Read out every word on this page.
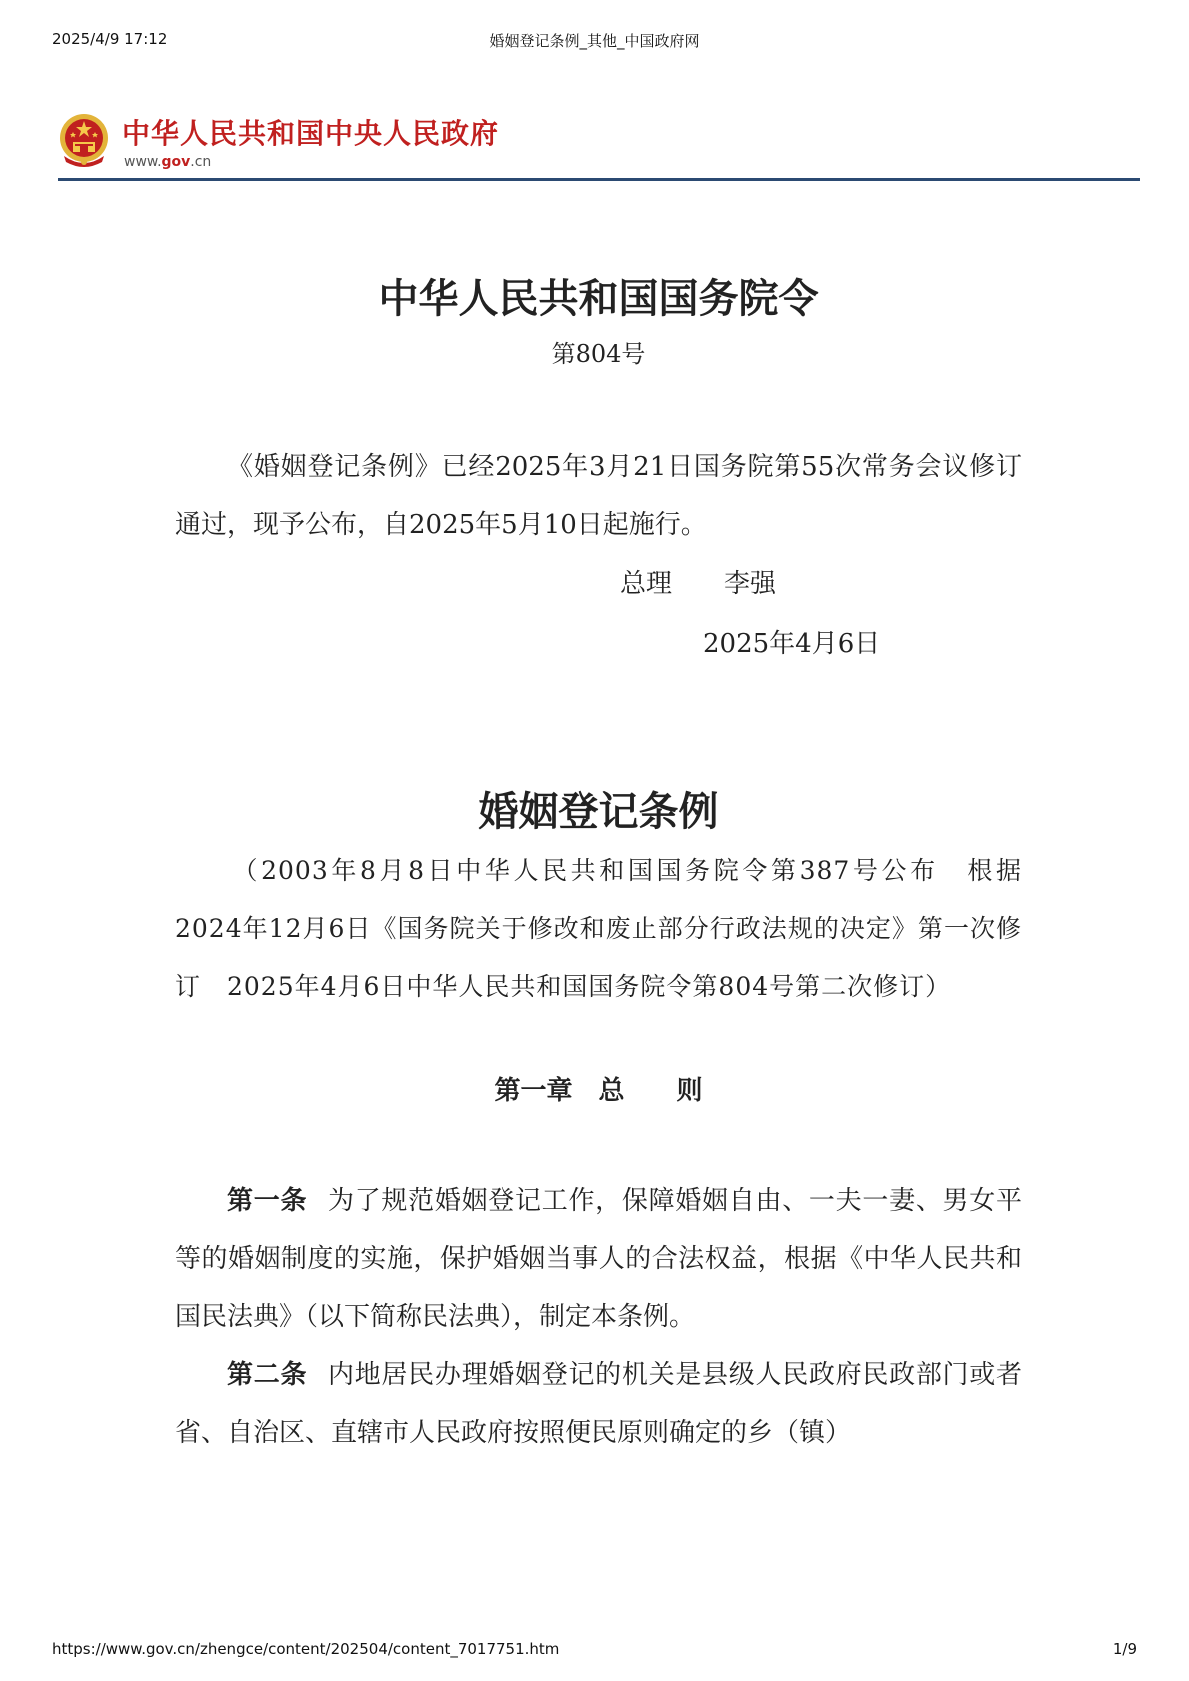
2025/4/9 17:12	婚姻登记条例_其他_中国政府网
中华人民共和国中央人民政府
www.gov.cn
中华人民共和国国务院令
第804号

《婚姻登记条例》已经2025年3月21日国务院第55次常务会议修订通过，现予公布，自2025年5月10日起施行。

总理　　 李强
2025年4月6日
婚姻登记条例

（2003年8月8日中华人民共和国国务院令第387号公布　根据2024年12月6日《国务院关于修改和废止部分行政法规的决定》第一次修订　2025年4月6日中华人民共和国国务院令第804号第二次修订）

第一章　总　　则

第一条 为了规范婚姻登记工作，保障婚姻自由、一夫一妻、男女平等的婚姻制度的实施，保护婚姻当事人的合法权益，根据《中华人民共和国民法典》（以下简称民法典），制定本条例。

第二条 内地居民办理婚姻登记的机关是县级人民政府民政部门或者省、自治区、直辖市人民政府按照便民原则确定的乡（镇）

https://www.gov.cn/zhengce/content/202504/content_7017751.htm	1/9
